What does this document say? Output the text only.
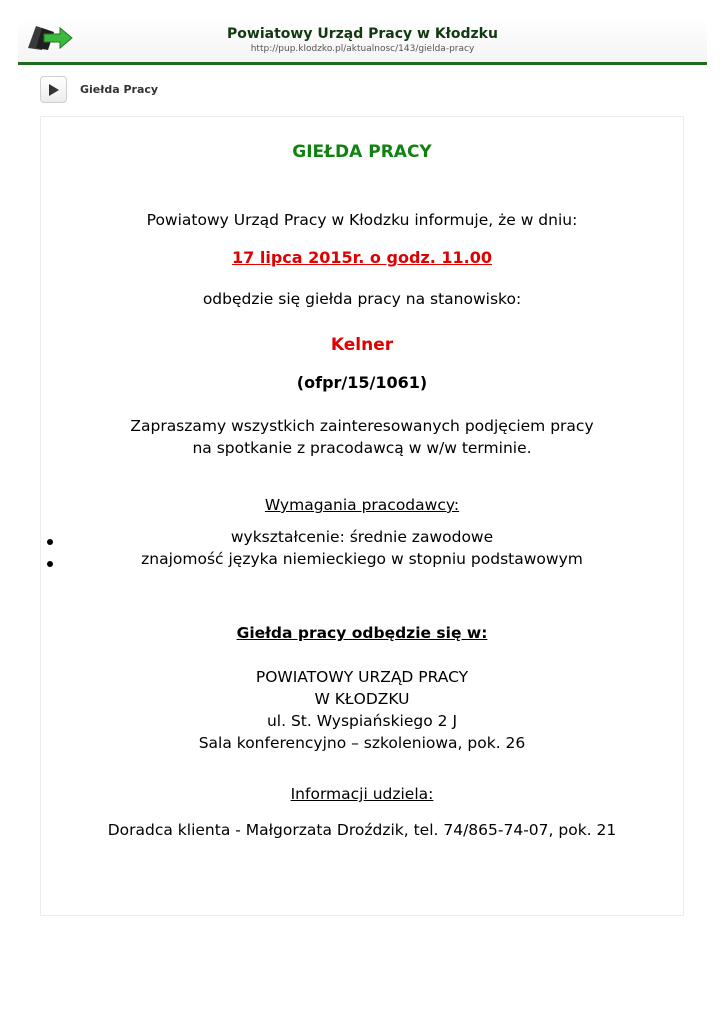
Powiatowy Urząd Pracy w Kłodzku
http://pup.klodzko.pl/aktualnosc/143/gielda-pracy
Giełda Pracy
GIEŁDA PRACY
Powiatowy Urząd Pracy w Kłodzku informuje, że w dniu:
17 lipca 2015r. o godz. 11.00
odbędzie się giełda pracy na stanowisko:
Kelner
(ofpr/15/1061)
Zapraszamy wszystkich zainteresowanych podjęciem pracy
na spotkanie z pracodawcą w w/w terminie.
Wymagania pracodawcy:
wykształcenie: średnie zawodowe
znajomość języka niemieckiego w stopniu podstawowym
Giełda pracy odbędzie się w:
POWIATOWY URZĄD PRACY
W KŁODZKU
ul. St. Wyspiańskiego 2 J
Sala konferencyjno – szkoleniowa, pok. 26
Informacji udziela:
Doradca klienta - Małgorzata Droździk, tel. 74/865-74-07, pok. 21
